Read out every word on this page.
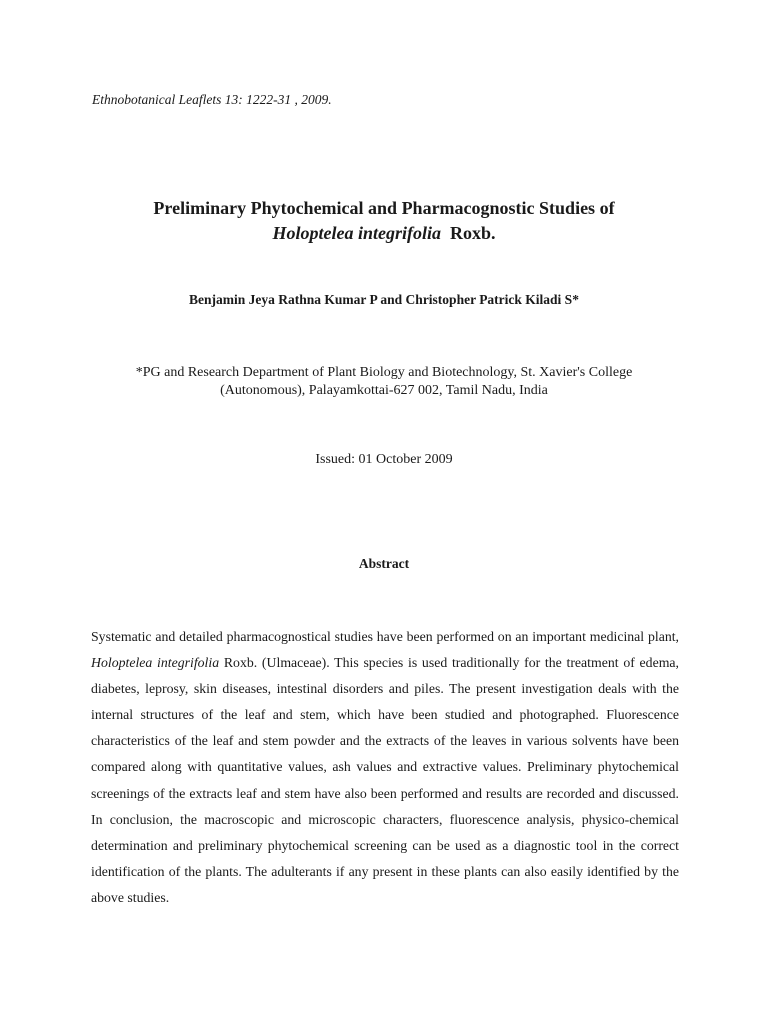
Ethnobotanical Leaflets 13: 1222-31 , 2009.
Preliminary Phytochemical and Pharmacognostic Studies of
Holoptelea integrifolia Roxb.
Benjamin Jeya Rathna Kumar P and Christopher Patrick Kiladi S*
*PG and Research Department of Plant Biology and Biotechnology, St. Xavier's College
(Autonomous), Palayamkottai-627 002, Tamil Nadu, India
Issued: 01 October 2009
Abstract
Systematic and detailed pharmacognostical studies have been performed on an important medicinal plant, Holoptelea integrifolia Roxb. (Ulmaceae). This species is used traditionally for the treatment of edema, diabetes, leprosy, skin diseases, intestinal disorders and piles. The present investigation deals with the internal structures of the leaf and stem, which have been studied and photographed. Fluorescence characteristics of the leaf and stem powder and the extracts of the leaves in various solvents have been compared along with quantitative values, ash values and extractive values. Preliminary phytochemical screenings of the extracts leaf and stem have also been performed and results are recorded and discussed. In conclusion, the macroscopic and microscopic characters, fluorescence analysis, physico-chemical determination and preliminary phytochemical screening can be used as a diagnostic tool in the correct identification of the plants. The adulterants if any present in these plants can also easily identified by the above studies.
